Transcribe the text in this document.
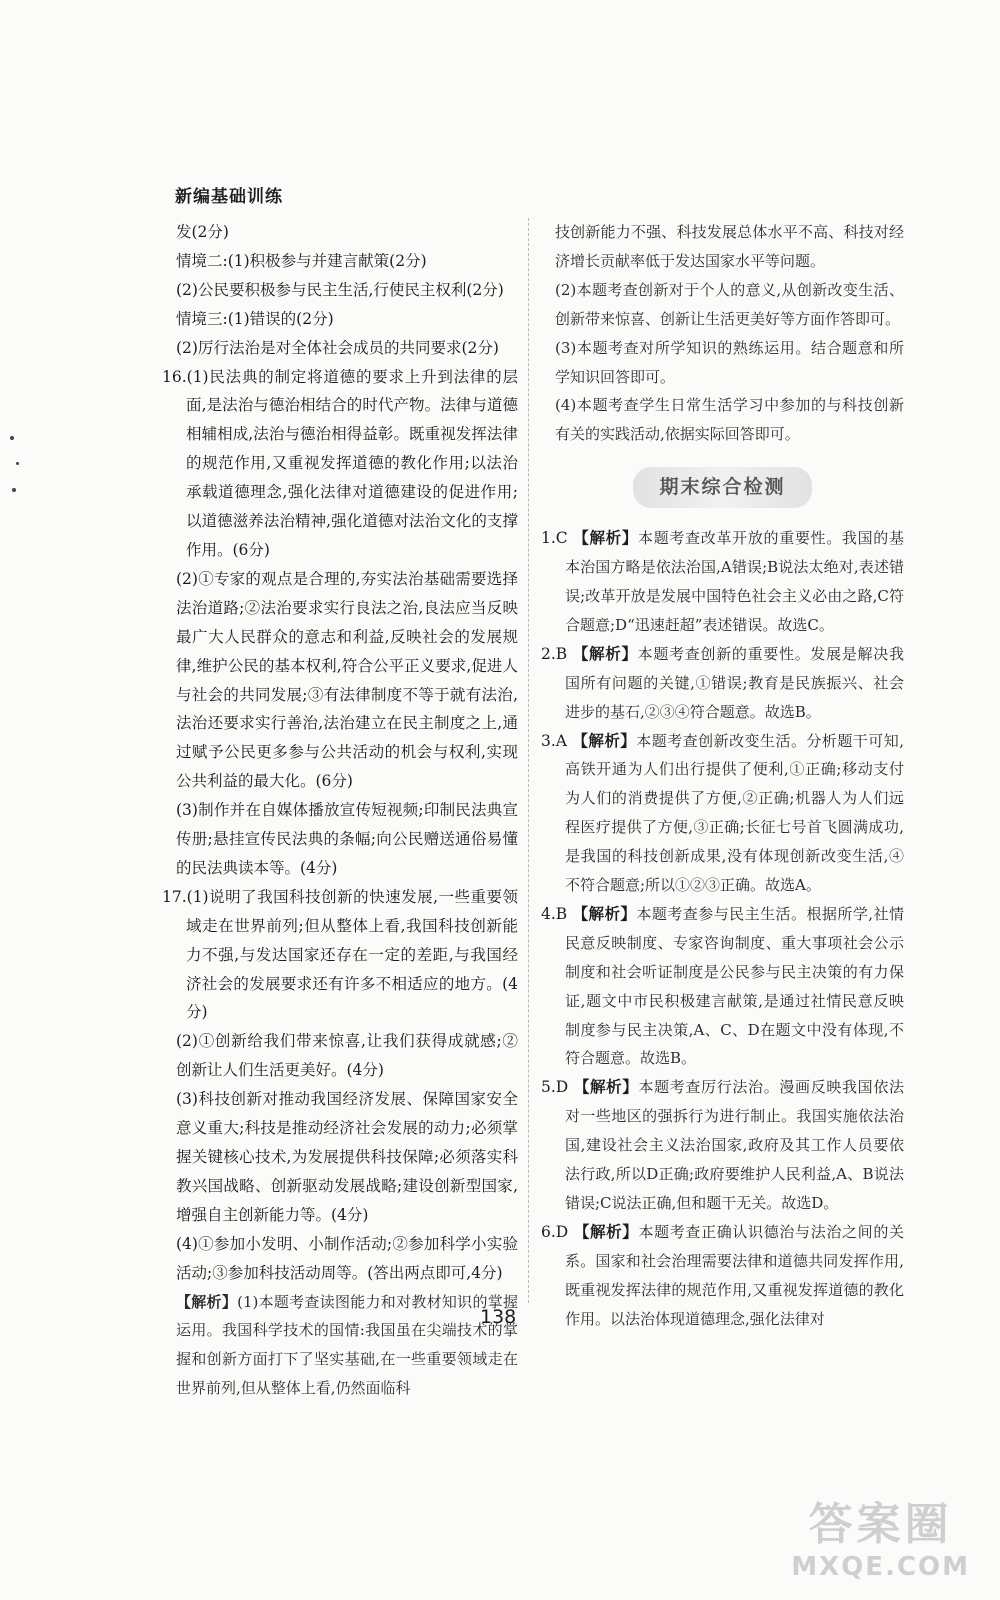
新编基础训练

发(2分)

情境二:(1)积极参与并建言献策(2分)

(2)公民要积极参与民主生活,行使民主权利(2分)

情境三:(1)错误的(2分)

(2)厉行法治是对全体社会成员的共同要求(2分)

16.(1)民法典的制定将道德的要求上升到法律的层面,是法治与德治相结合的时代产物。法律与道德相辅相成,法治与德治相得益彰。既重视发挥法律的规范作用,又重视发挥道德的教化作用;以法治承载道德理念,强化法律对道德建设的促进作用;以道德滋养法治精神,强化道德对法治文化的支撑作用。(6分)

(2)①专家的观点是合理的,夯实法治基础需要选择法治道路;②法治要求实行良法之治,良法应当反映最广大人民群众的意志和利益,反映社会的发展规律,维护公民的基本权利,符合公平正义要求,促进人与社会的共同发展;③有法律制度不等于就有法治,法治还要求实行善治,法治建立在民主制度之上,通过赋予公民更多参与公共活动的机会与权利,实现公共利益的最大化。(6分)

(3)制作并在自媒体播放宣传短视频;印制民法典宣传册;悬挂宣传民法典的条幅;向公民赠送通俗易懂的民法典读本等。(4分)

17.(1)说明了我国科技创新的快速发展,一些重要领域走在世界前列;但从整体上看,我国科技创新能力不强,与发达国家还存在一定的差距,与我国经济社会的发展要求还有许多不相适应的地方。(4分)

(2)①创新给我们带来惊喜,让我们获得成就感;②创新让人们生活更美好。(4分)

(3)科技创新对推动我国经济发展、保障国家安全意义重大;科技是推动经济社会发展的动力;必须掌握关键核心技术,为发展提供科技保障;必须落实科教兴国战略、创新驱动发展战略;建设创新型国家,增强自主创新能力等。(4分)

(4)①参加小发明、小制作活动;②参加科学小实验活动;③参加科技活动周等。(答出两点即可,4分)

【解析】(1)本题考查读图能力和对教材知识的掌握运用。我国科学技术的国情:我国虽在尖端技术的掌握和创新方面打下了坚实基础,在一些重要领域走在世界前列,但从整体上看,仍然面临科

技创新能力不强、科技发展总体水平不高、科技对经济增长贡献率低于发达国家水平等问题。

(2)本题考查创新对于个人的意义,从创新改变生活、创新带来惊喜、创新让生活更美好等方面作答即可。

(3)本题考查对所学知识的熟练运用。结合题意和所学知识回答即可。

(4)本题考查学生日常生活学习中参加的与科技创新有关的实践活动,依据实际回答即可。

期末综合检测

1.C 【解析】本题考查改革开放的重要性。我国的基本治国方略是依法治国,A错误;B说法太绝对,表述错误;改革开放是发展中国特色社会主义必由之路,C符合题意;D“迅速赶超”表述错误。故选C。

2.B 【解析】本题考查创新的重要性。发展是解决我国所有问题的关键,①错误;教育是民族振兴、社会进步的基石,②③④符合题意。故选B。

3.A 【解析】本题考查创新改变生活。分析题干可知,高铁开通为人们出行提供了便利,①正确;移动支付为人们的消费提供了方便,②正确;机器人为人们远程医疗提供了方便,③正确;长征七号首飞圆满成功,是我国的科技创新成果,没有体现创新改变生活,④不符合题意;所以①②③正确。故选A。

4.B 【解析】本题考查参与民主生活。根据所学,社情民意反映制度、专家咨询制度、重大事项社会公示制度和社会听证制度是公民参与民主决策的有力保证,题文中市民积极建言献策,是通过社情民意反映制度参与民主决策,A、C、D在题文中没有体现,不符合题意。故选B。

5.D 【解析】本题考查厉行法治。漫画反映我国依法对一些地区的强拆行为进行制止。我国实施依法治国,建设社会主义法治国家,政府及其工作人员要依法行政,所以D正确;政府要维护人民利益,A、B说法错误;C说法正确,但和题干无关。故选D。

6.D 【解析】本题考查正确认识德治与法治之间的关系。国家和社会治理需要法律和道德共同发挥作用,既重视发挥法律的规范作用,又重视发挥道德的教化作用。以法治体现道德理念,强化法律对

138
答案圈
MXQE.COM
